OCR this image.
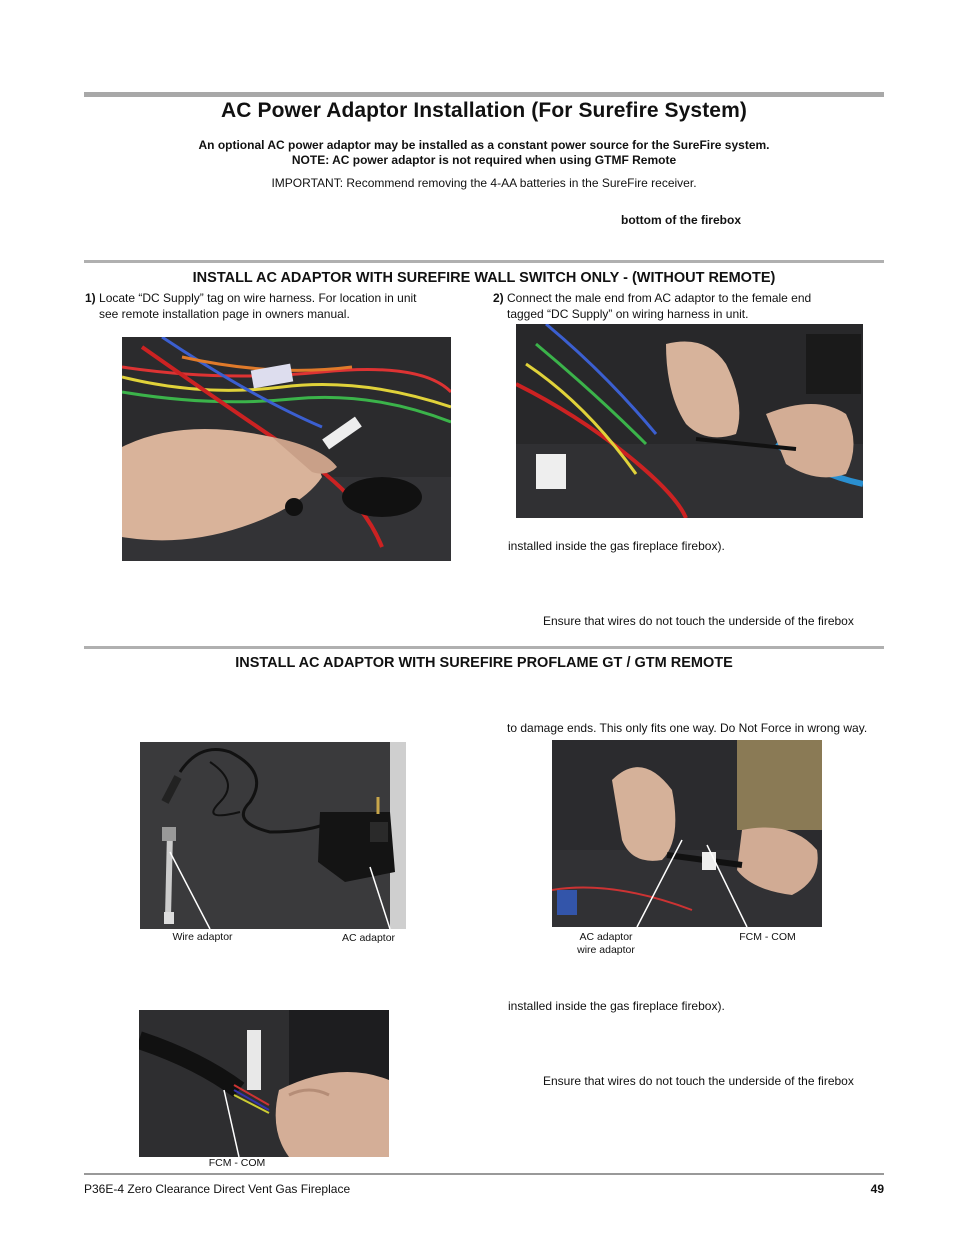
AC Power Adaptor Installation (For Surefire System)
An optional AC power adaptor may be installed as a constant power source for the SureFire system.
NOTE: AC power adaptor is not required when using GTMF Remote
IMPORTANT: Recommend removing the 4-AA batteries in the SureFire receiver.
bottom of the firebox
INSTALL AC ADAPTOR WITH SUREFIRE WALL SWITCH ONLY - (WITHOUT REMOTE)
1) Locate “DC Supply” tag on wire harness. For location in unit
see remote installation page in owners manual.
2) Connect the male end from AC adaptor to the female end
tagged “DC Supply” on wiring harness in unit.
installed inside the gas fireplace firebox).
Ensure that wires do not touch the underside of the firebox
INSTALL AC ADAPTOR WITH SUREFIRE PROFLAME GT / GTM REMOTE
to damage ends. This only fits one way. Do Not Force in wrong way.
Wire adaptor	AC adaptor	AC adaptor
wire adaptor
FCM - COM
installed inside the gas fireplace firebox).
Ensure that wires do not touch the underside of the firebox
FCM - COM
P36E-4 Zero Clearance Direct Vent Gas Fireplace	49
